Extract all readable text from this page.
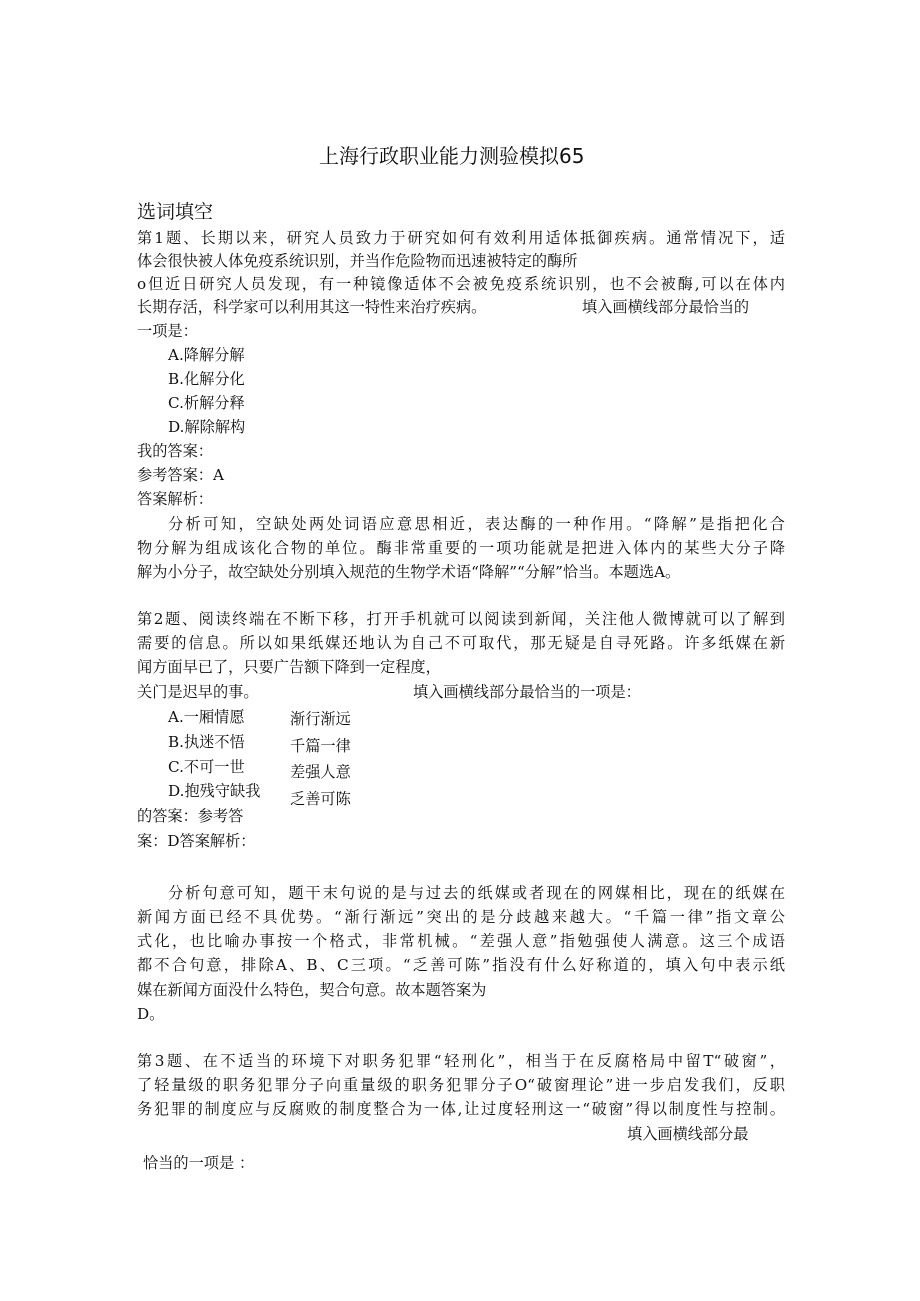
上海行政职业能力测验模拟65
选词填空
第1题、长期以来，研究人员致力于研究如何有效利用适体抵御疾病。通常情况下，适
体会很快被人体免疫系统识别，并当作危险物而迅速被特定的酶所
o但近日研究人员发现，有一种镜像适体不会被免疫系统识别，也不会被酶,可以在体内
长期存活，科学家可以利用其这一特性来治疗疾病。	填入画横线部分最恰当的
一项是：
A.降解分解
B.化解分化
C.析解分释
D.解除解构
我的答案：
参考答案：A
答案解析：
分析可知，空缺处两处词语应意思相近，表达酶的一种作用。“降解”是指把化合
物分解为组成该化合物的单位。酶非常重要的一项功能就是把进入体内的某些大分子降
解为小分子，故空缺处分别填入规范的生物学术语“降解”“分解”恰当。本题选A。
第2题、阅读终端在不断下移，打开手机就可以阅读到新闻，关注他人微博就可以了解到
需要的信息。所以如果纸媒还地认为自己不可取代，那无疑是自寻死路。许多纸媒在新
闻方面早已了，只要广告额下降到一定程度，
关门是迟早的事。	填入画横线部分最恰当的一项是：
A.一厢情愿
B.执迷不悟
C.不可一世
D.抱残守缺我
渐行渐远
千篇一律
差强人意
乏善可陈
的答案：参考答
案：D答案解析：
分析句意可知，题干末句说的是与过去的纸媒或者现在的网媒相比，现在的纸媒在
新闻方面已经不具优势。“渐行渐远”突出的是分歧越来越大。“千篇一律”指文章公
式化，也比喻办事按一个格式，非常机械。“差强人意”指勉强使人满意。这三个成语
都不合句意，排除A、B、C三项。“乏善可陈”指没有什么好称道的，填入句中表示纸
媒在新闻方面没什么特色，契合句意。故本题答案为
D。
第3题、在不适当的环境下对职务犯罪“轻刑化”，相当于在反腐格局中留T“破窗”，
了轻量级的职务犯罪分子向重量级的职务犯罪分子O“破窗理论”进一步启发我们，反职
务犯罪的制度应与反腐败的制度整合为一体,让过度轻刑这一“破窗”得以制度性与控制。
填入画横线部分最
恰当的一项是 ：
